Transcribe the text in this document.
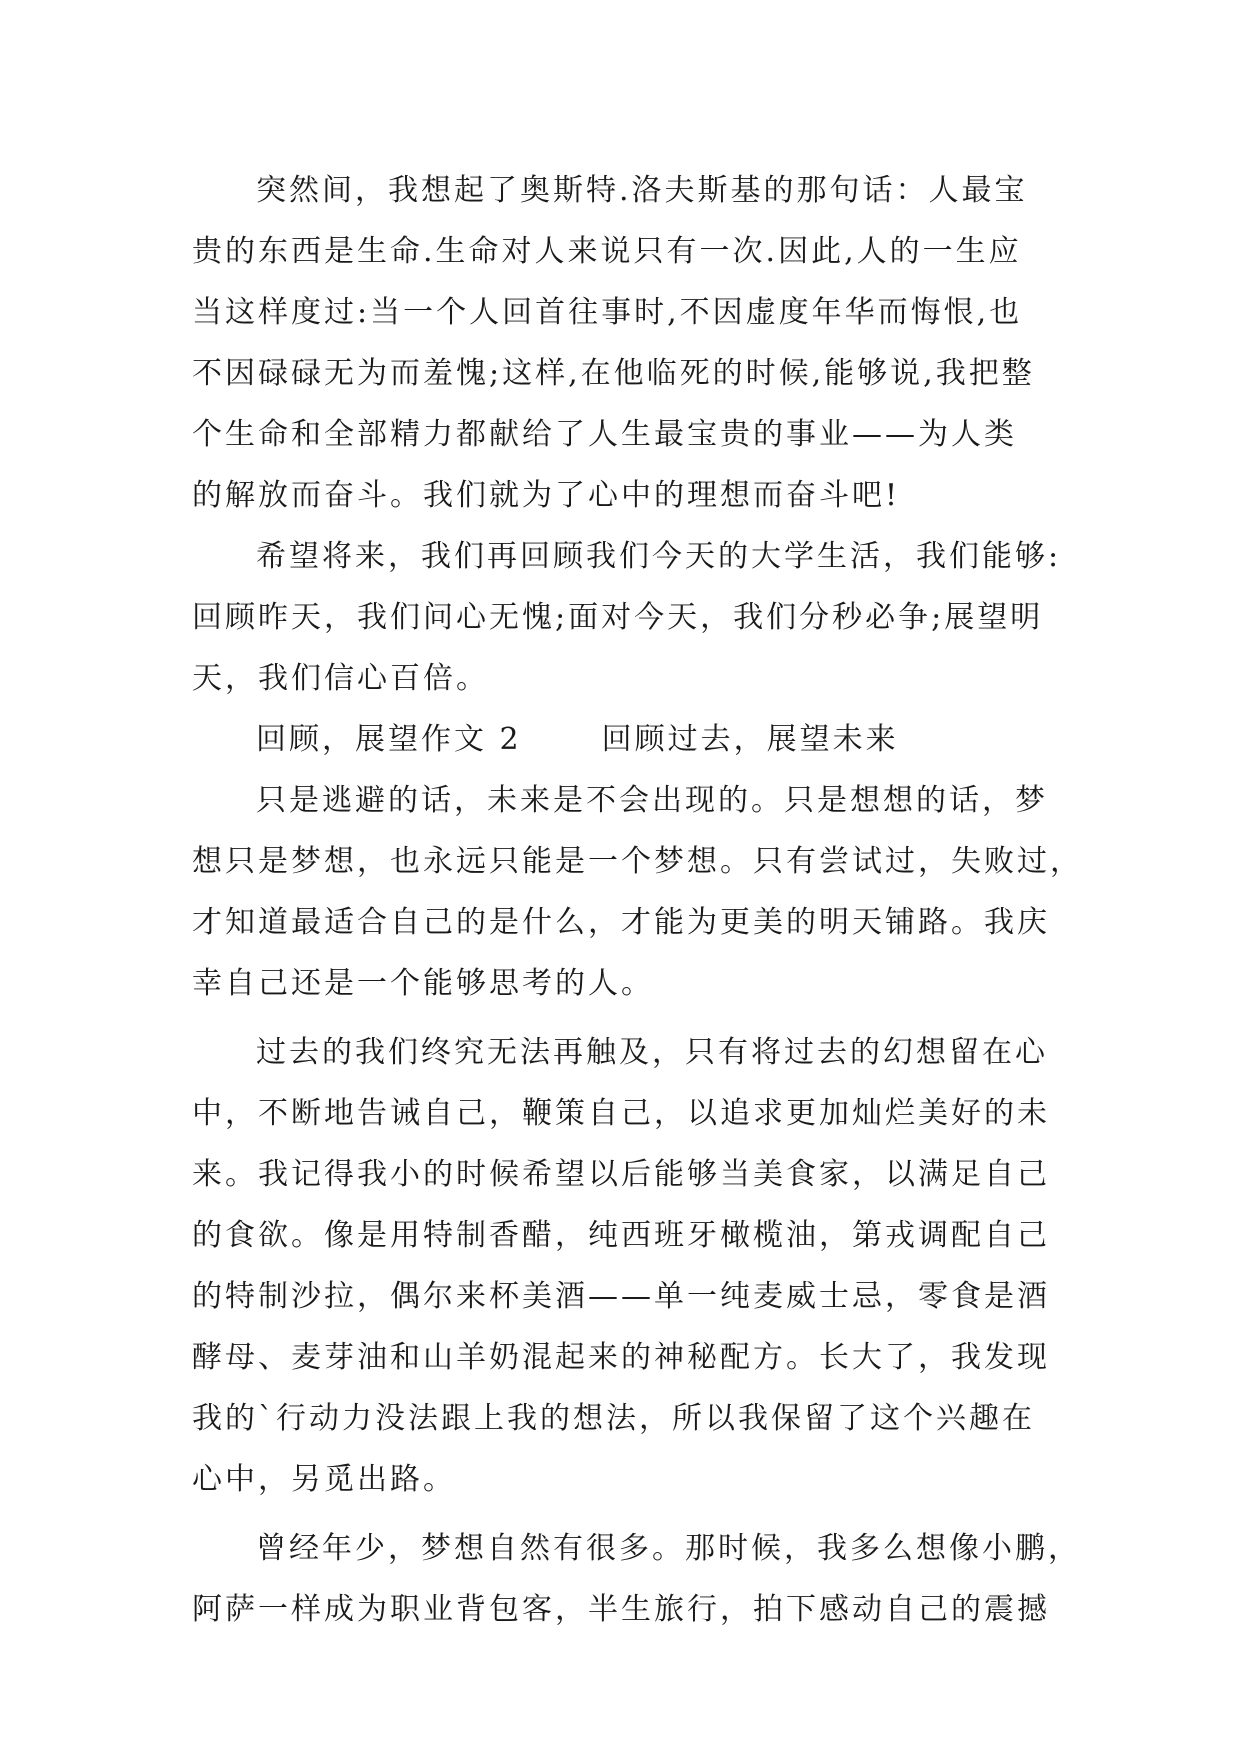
突然间，我想起了奥斯特.洛夫斯基的那句话：人最宝
贵的东西是生命.生命对人来说只有一次.因此,人的一生应
当这样度过:当一个人回首往事时,不因虚度年华而悔恨,也
不因碌碌无为而羞愧;这样,在他临死的时候,能够说,我把整
个生命和全部精力都献给了人生最宝贵的事业——为人类
的解放而奋斗。我们就为了心中的理想而奋斗吧!
希望将来，我们再回顾我们今天的大学生活，我们能够:
回顾昨天，我们问心无愧;面对今天，我们分秒必争;展望明
天，我们信心百倍。
回顾，展望作文 2	回顾过去，展望未来
只是逃避的话，未来是不会出现的。只是想想的话，梦
想只是梦想，也永远只能是一个梦想。只有尝试过，失败过，
才知道最适合自己的是什么，才能为更美的明天铺路。我庆
幸自己还是一个能够思考的人。
过去的我们终究无法再触及，只有将过去的幻想留在心
中，不断地告诫自己，鞭策自己，以追求更加灿烂美好的未
来。我记得我小的时候希望以后能够当美食家，以满足自己
的食欲。像是用特制香醋，纯西班牙橄榄油，第戎调配自己
的特制沙拉，偶尔来杯美酒——单一纯麦威士忌，零食是酒
酵母、麦芽油和山羊奶混起来的神秘配方。长大了，我发现
我的`行动力没法跟上我的想法，所以我保留了这个兴趣在
心中，另觅出路。
曾经年少，梦想自然有很多。那时候，我多么想像小鹏，
阿萨一样成为职业背包客，半生旅行，拍下感动自己的震撼
